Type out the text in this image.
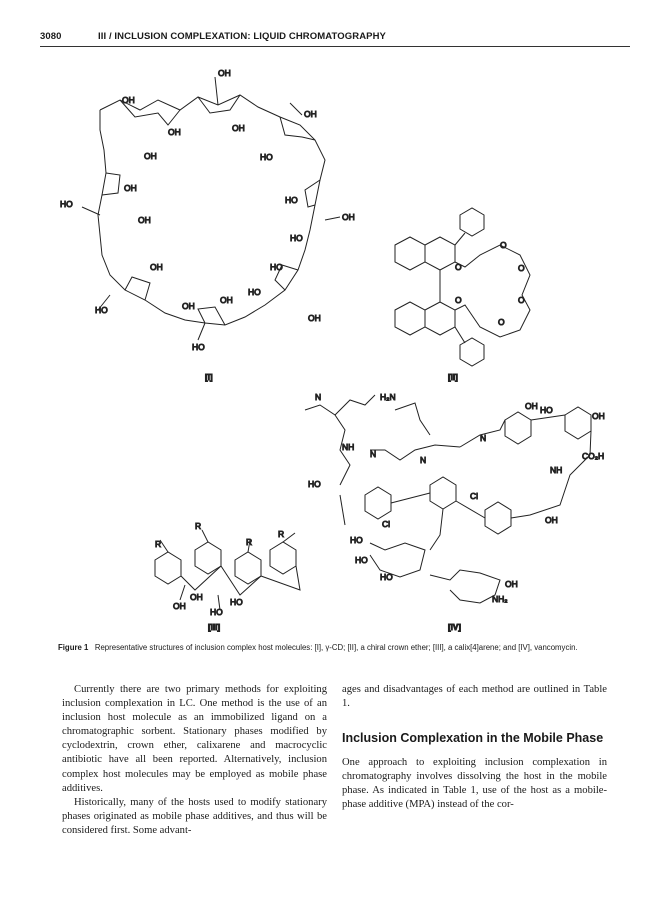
3080	III / INCLUSION COMPLEXATION: LIQUID CHROMATOGRAPHY
OH
OH
OH	OH
OH
OH
OH
OH	OH
OH
OH
OH
OH
HO
HO
HO
HO
HO
HO
HO
HO
[I]
O
O
O
O
O
O
[II]
R
R
R
R
OH
OH
HO
HO
[III]
N	H₂N
NH
N
N
N
HO
OH HO
OH
CO₂H
NH
OH
Cl
Cl
HO
HO
HO
OH
NH₂
[IV]
Figure 1 Representative structures of inclusion complex host molecules: [I], γ-CD; [II], a chiral crown ether; [III], a calix[4]arene; and [IV], vancomycin.

Currently there are two primary methods for exploiting inclusion complexation in LC. One method is the use of an inclusion host molecule as an immobilized ligand on a chromatographic sorbent. Stationary phases modified by cyclodextrin, crown ether, calixarene and macrocyclic antibiotic have all been reported. Alternatively, inclusion complex host molecules may be employed as mobile phase additives.

Historically, many of the hosts used to modify stationary phases originated as mobile phase additives, and thus will be considered first. Some advant-

ages and disadvantages of each method are outlined in Table 1.

Inclusion Complexation in the Mobile Phase

One approach to exploiting inclusion complexation in chromatography involves dissolving the host in the mobile phase. As indicated in Table 1, use of the host as a mobile-phase additive (MPA) instead of the cor-
